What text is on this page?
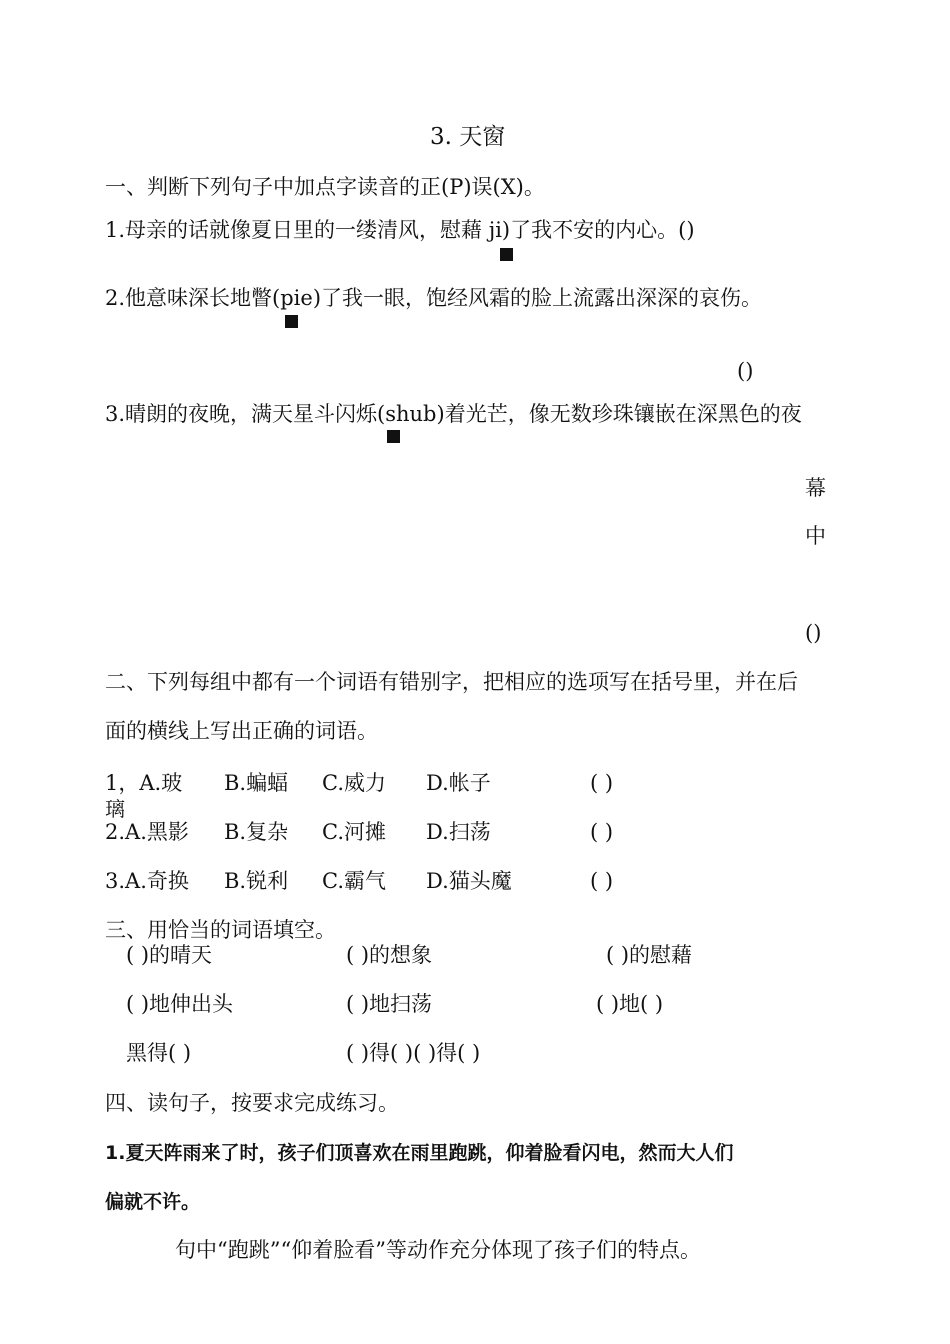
3. 天窗
一、判断下列句子中加点字读音的正(P)误(X)。
1.母亲的话就像夏日里的一缕清风，慰藉 ji)了我不安的内心。()
2.他意味深长地瞥(pie)了我一眼，饱经风霜的脸上流露出深深的哀伤。
()
3.晴朗的夜晚，满天星斗闪烁(shub)着光芒，像无数珍珠镶嵌在深黑色的夜
幕
中
()
二、下列每组中都有一个词语有错别字，把相应的选项写在括号里，并在后
面的横线上写出正确的词语。
1，A.玻
璃
B.蝙蝠 C.威力 D.帐子	( )
2.A.黑影 B.复杂 C.河摊 D.扫荡	( )
3.A.奇换 B.锐利 C.霸气 D.猫头魔	( )
三、用恰当的词语填空。
( )的晴天	( )的想象	( )的慰藉
( )地伸出头	( )地扫荡	( )地( )
黑得( )	( )得( )( )得( )
四、读句子，按要求完成练习。
1.夏天阵雨来了时，孩子们顶喜欢在雨里跑跳，仰着脸看闪电，然而大人们
偏就不许。
句中“跑跳”“仰着脸看”等动作充分体现了孩子们的特点。
